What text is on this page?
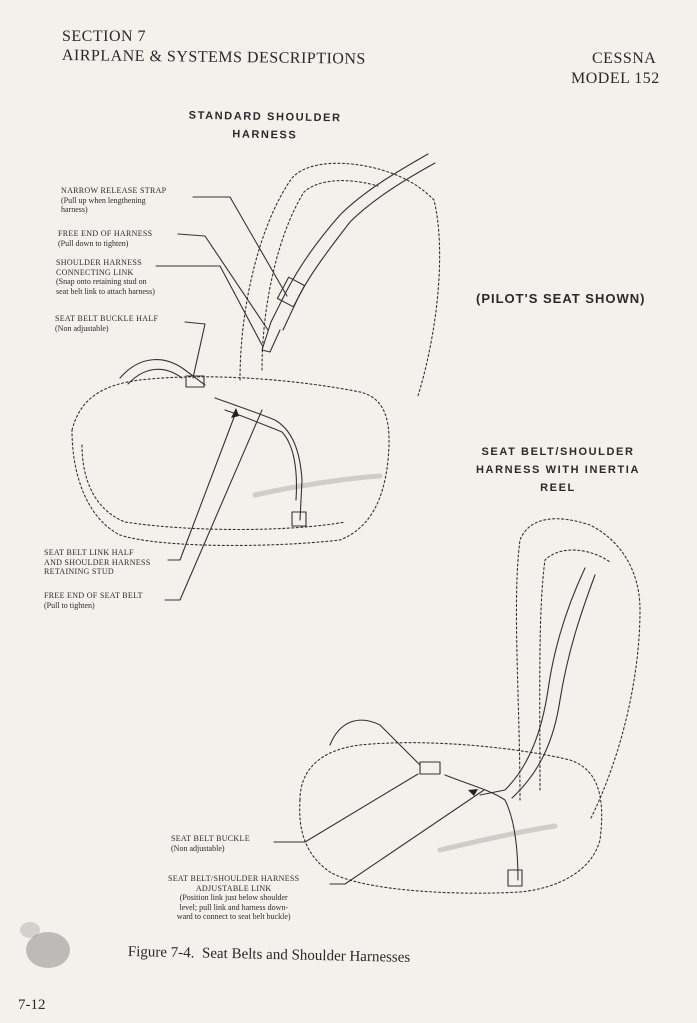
SECTION 7
AIRPLANE & SYSTEMS DESCRIPTIONS	CESSNA
MODEL 152
STANDARD SHOULDER
HARNESS
(PILOT'S SEAT SHOWN)
SEAT BELT/SHOULDER
HARNESS WITH INERTIA
REEL
NARROW RELEASE STRAP
(Pull up when lengthening
harness)
FREE END OF HARNESS
(Pull down to tighten)
SHOULDER HARNESS
CONNECTING LINK
(Snap onto retaining stud on
seat belt link to attach harness)
SEAT BELT BUCKLE HALF
(Non adjustable)
SEAT BELT LINK HALF
AND SHOULDER HARNESS
RETAINING STUD
FREE END OF SEAT BELT
(Pull to tighten)
SEAT BELT BUCKLE
(Non adjustable)
SEAT BELT/SHOULDER HARNESS
ADJUSTABLE LINK
(Position link just below shoulder
level; pull link and harness down-
ward to connect to seat belt buckle)
Figure 7-4.  Seat Belts and Shoulder Harnesses
7-12
